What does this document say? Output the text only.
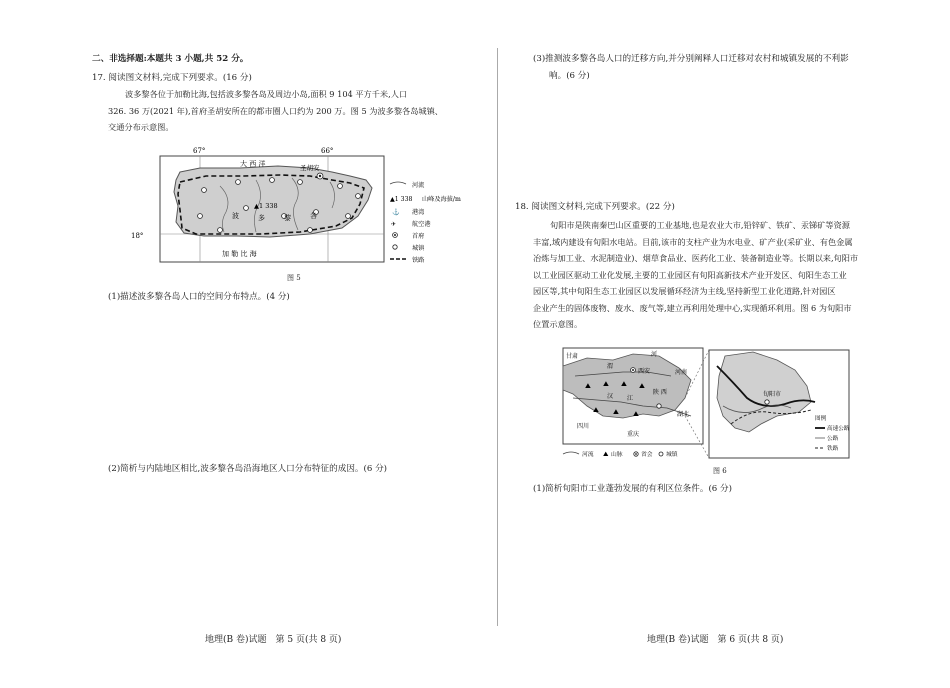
二、非选择题:本题共 3 小题,共 52 分。
17. 阅读图文材料,完成下列要求。(16 分)
波多黎各位于加勒比海,包括波多黎各岛及周边小岛,面积 9 104 平方千米,人口
326. 36 万(2021 年),首府圣胡安所在的都市圈人口约为 200 万。图 5 为波多黎各岛城镇、
交通分布示意图。
67°	66°
18°
圣胡安
▲1 338
波	多	黎	各
大 西 洋
加 勒 比 海
河流
▲1 338 山峰及海拔/m
⚓ 港湾
✈	航空港
首府
城镇
铁路
图 5
(1)描述波多黎各岛人口的空间分布特点。(4 分)
(2)简析与内陆地区相比,波多黎各岛沿海地区人口分布特征的成因。(6 分)
地理(B 卷)试题　第 5 页(共 8 页)
(3)推测波多黎各岛人口的迁移方向,并分别阐释人口迁移对农村和城镇发展的不利影
响。(6 分)
18. 阅读图文材料,完成下列要求。(22 分)
旬阳市是陕南秦巴山区重要的工业基地,也是农业大市,铅锌矿、铁矿、汞锑矿等资源
丰富,域内建设有旬阳水电站。目前,该市的支柱产业为水电业、矿产业(采矿业、有色金属
冶炼与加工业、水泥制造业)、烟草食品业、医药化工业、装备制造业等。长期以来,旬阳市
以工业园区驱动工业化发展,主要的工业园区有旬阳高新技术产业开发区、旬阳生态工业
园区等,其中旬阳生态工业园区以发展循环经济为主线,坚持新型工业化道路,针对园区
企业产生的固体废物、废水、废气等,建立再利用处理中心,实现循环利用。图 6 为旬阳市
位置示意图。
⛰ ⛰ ⛰ ⛰
⛰ ⛰ ⛰
西安
甘肃	河
河南
渭
汉 江
陕 西
湖北
四川
重庆
河流 ⛰ 山脉	省会 城镇
旬阳市
图例
高速公路
公路
铁路
图 6
(1)简析旬阳市工业蓬勃发展的有利区位条件。(6 分)
地理(B 卷)试题　第 6 页(共 8 页)
